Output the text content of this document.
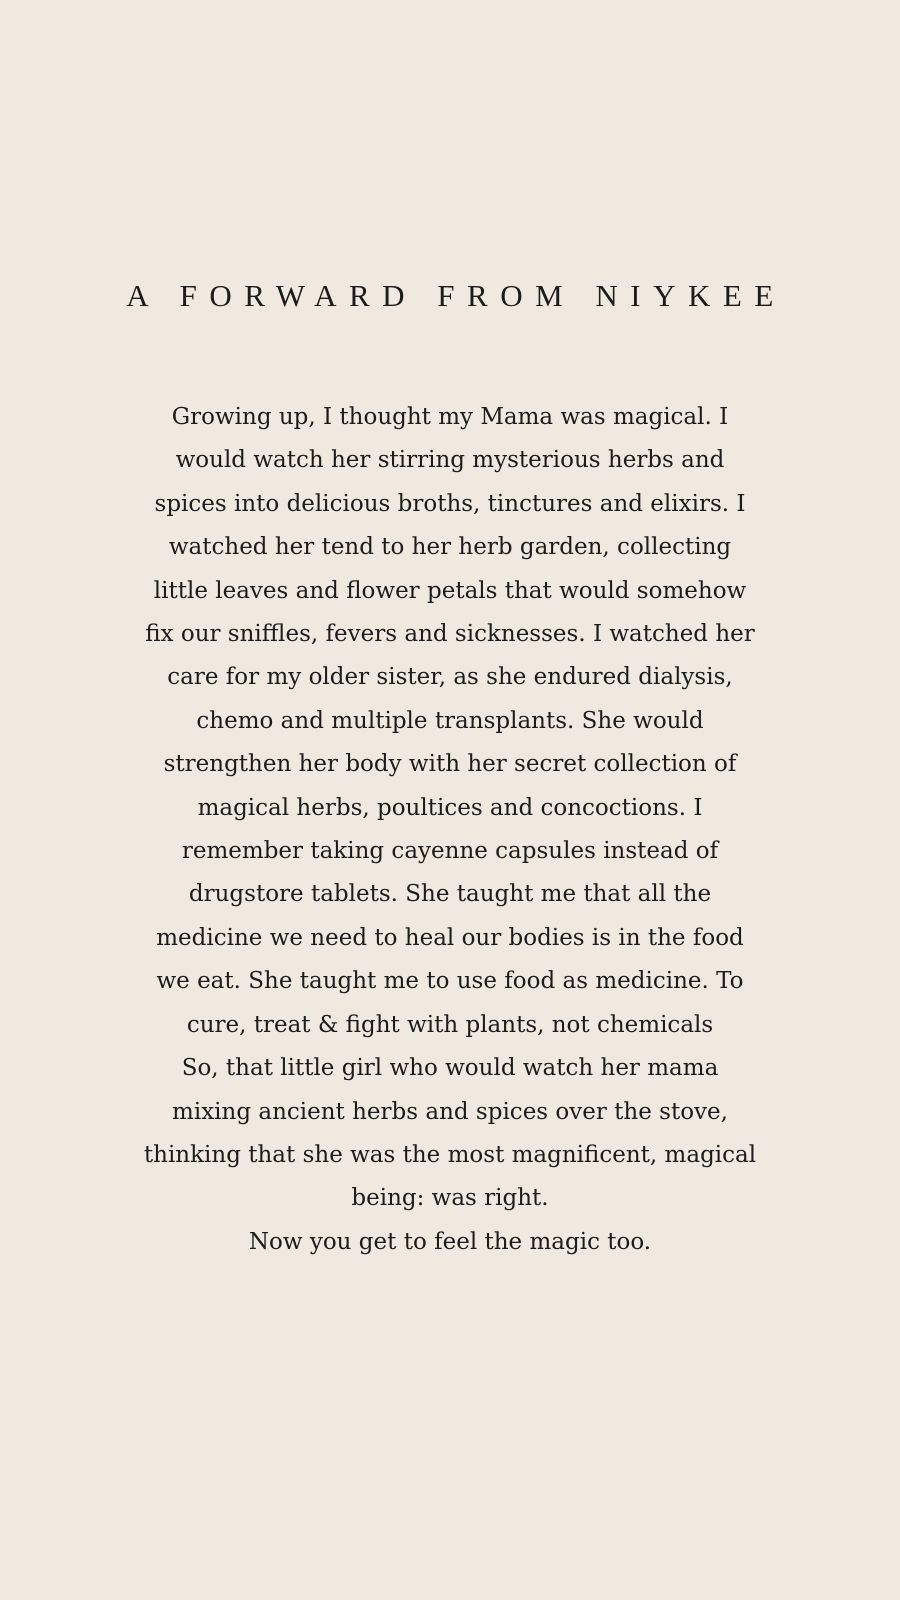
A FORWARD FROM NIYKEE
Growing up, I thought my Mama was magical. I
would watch her stirring mysterious herbs and
spices into delicious broths, tinctures and elixirs. I
watched her tend to her herb garden, collecting
little leaves and flower petals that would somehow
fix our sniffles, fevers and sicknesses. I watched her
care for my older sister, as she endured dialysis,
chemo and multiple transplants. She would
strengthen her body with her secret collection of
magical herbs, poultices and concoctions. I
remember taking cayenne capsules instead of
drugstore tablets. She taught me that all the
medicine we need to heal our bodies is in the food
we eat. She taught me to use food as medicine. To
cure, treat & fight with plants, not chemicals
So, that little girl who would watch her mama
mixing ancient herbs and spices over the stove,
thinking that she was the most magnificent, magical
being: was right.
Now you get to feel the magic too.
